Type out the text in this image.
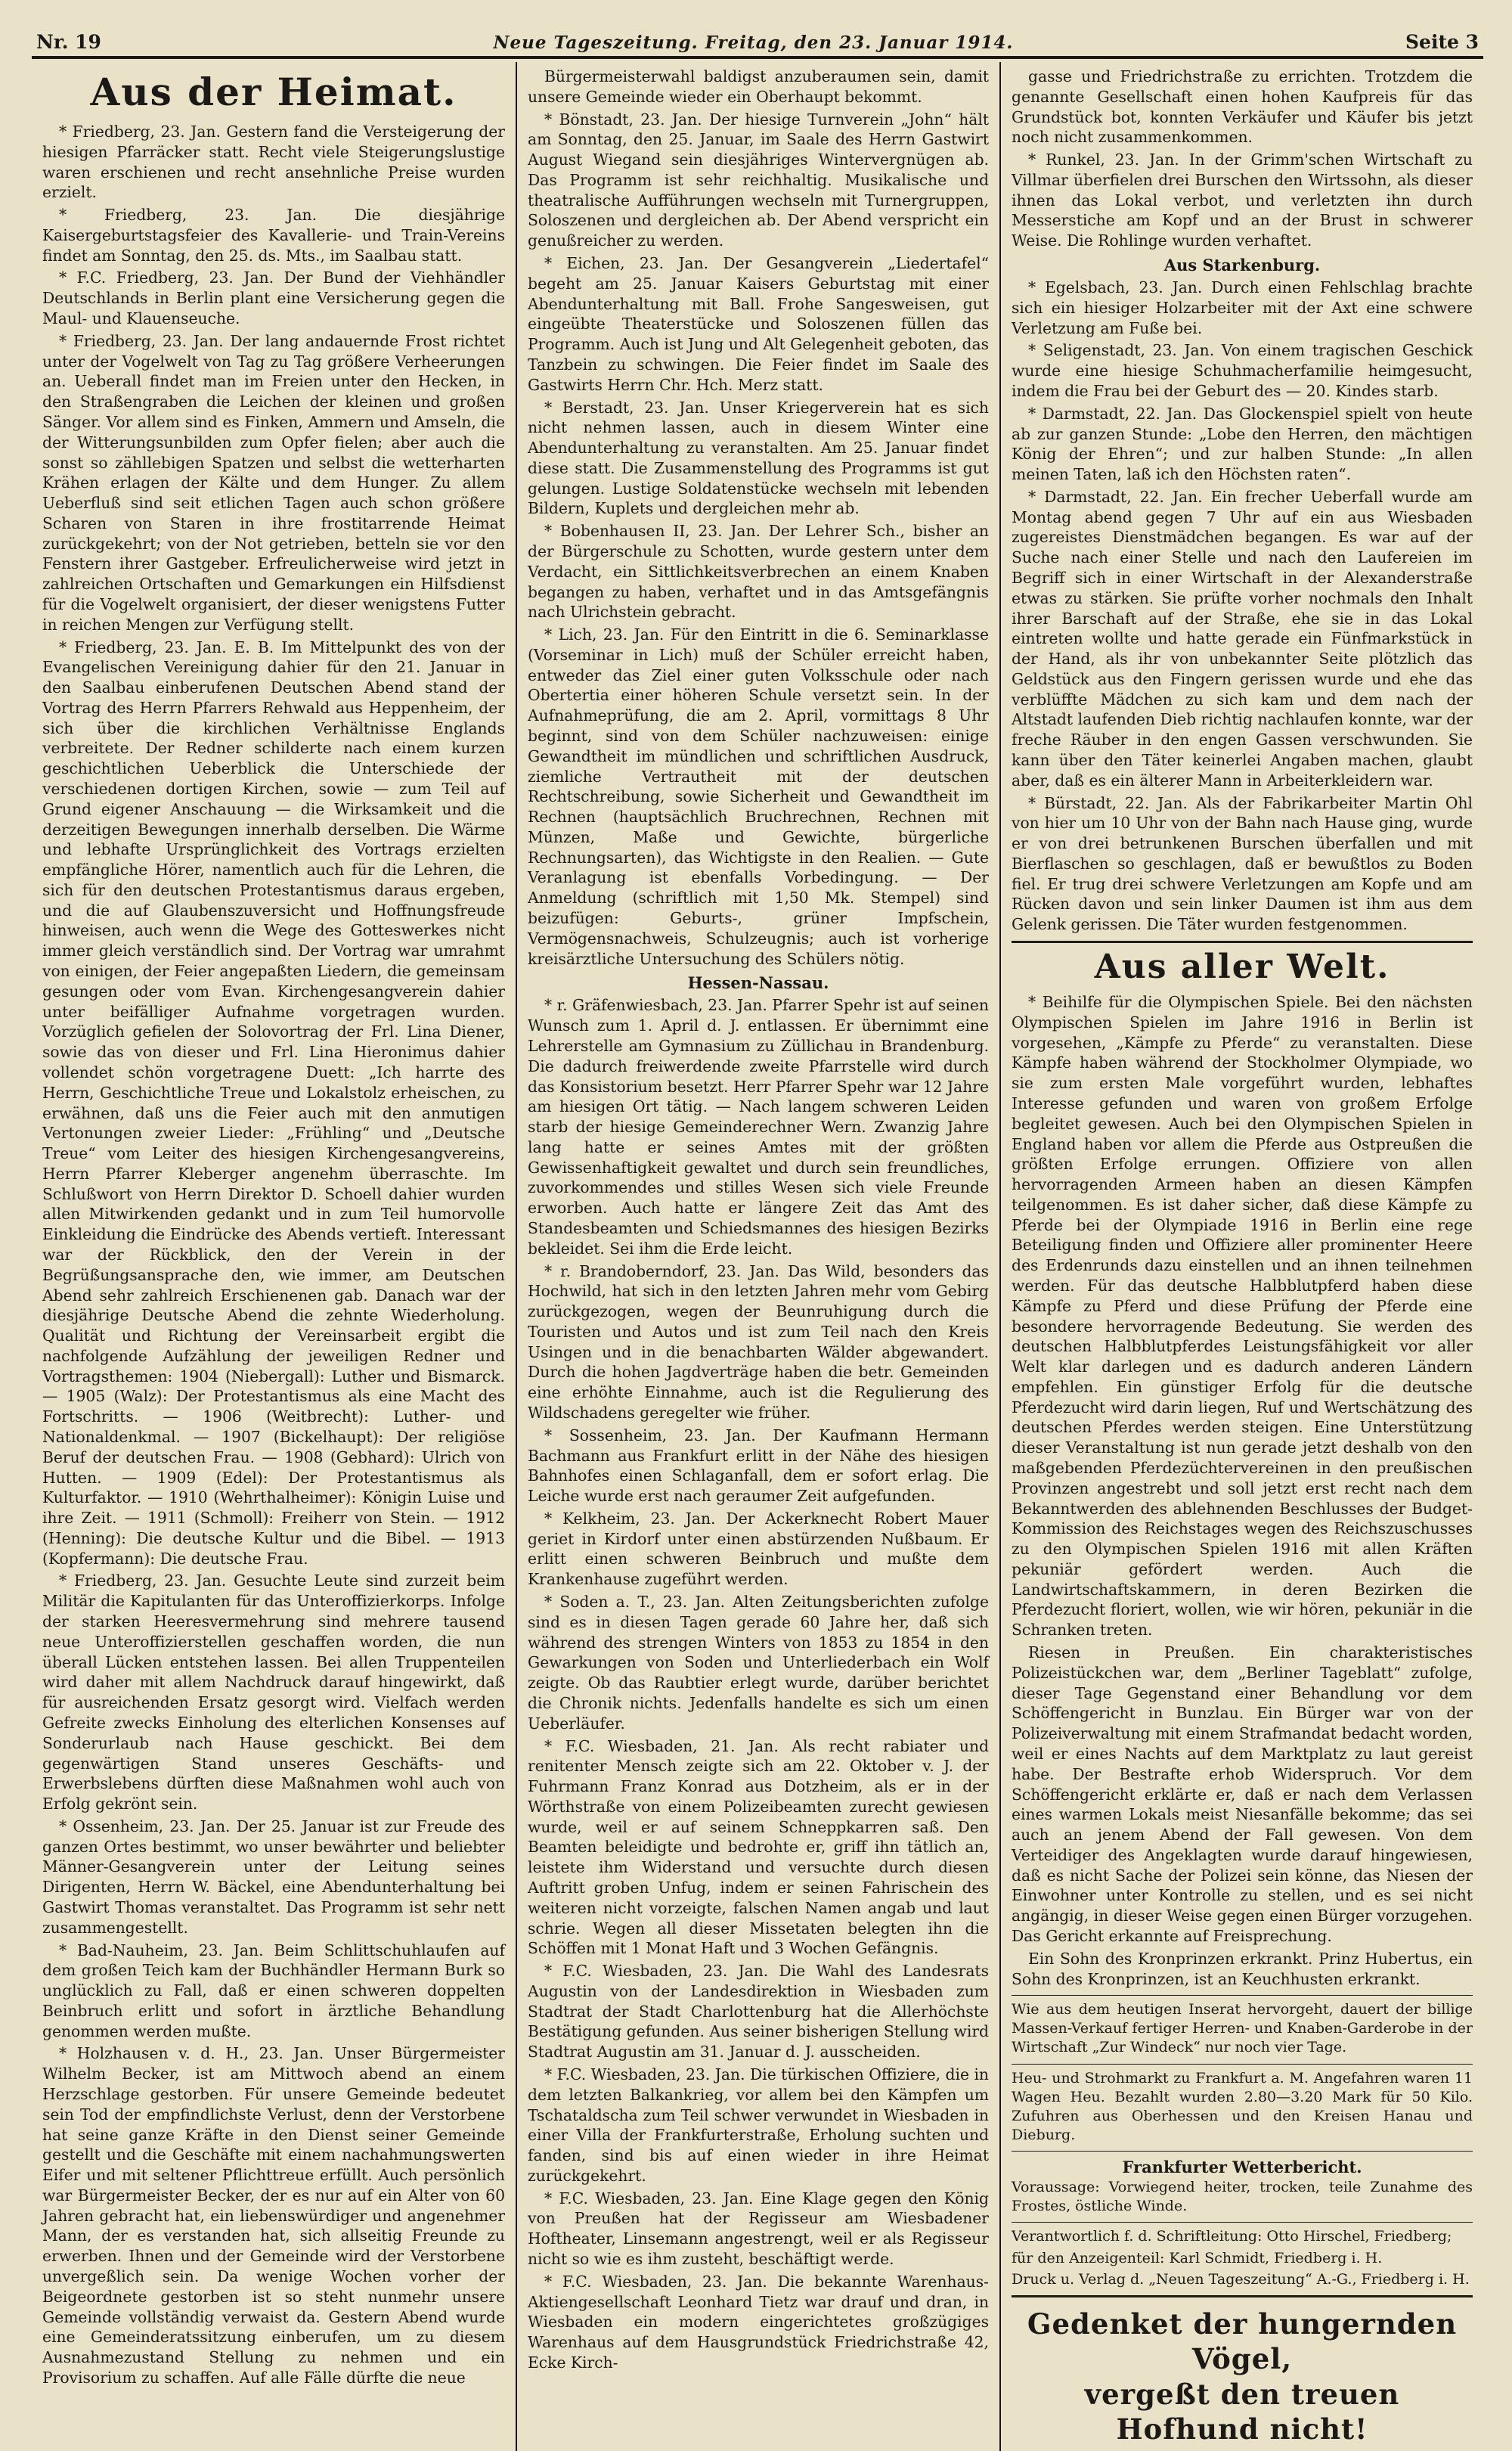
Nr. 19	Neue Tageszeitung. Freitag, den 23. Januar 1914.	Seite 3
Aus der Heimat.

* Friedberg, 23. Jan. Gestern fand die Versteigerung der hiesigen Pfarräcker statt. Recht viele Steigerungslustige waren erschienen und recht ansehnliche Preise wurden erzielt.

* Friedberg, 23. Jan. Die diesjährige Kaisergeburtstagsfeier des Kavallerie- und Train-Vereins findet am Sonntag, den 25. ds. Mts., im Saalbau statt.

* F.C. Friedberg, 23. Jan. Der Bund der Viehhändler Deutschlands in Berlin plant eine Versicherung gegen die Maul- und Klauenseuche.

* Friedberg, 23. Jan. Der lang andauernde Frost richtet unter der Vogelwelt von Tag zu Tag größere Verheerungen an. Ueberall findet man im Freien unter den Hecken, in den Straßengraben die Leichen der kleinen und großen Sänger. Vor allem sind es Finken, Ammern und Amseln, die der Witterungsunbilden zum Opfer fielen; aber auch die sonst so zähllebigen Spatzen und selbst die wetterharten Krähen erlagen der Kälte und dem Hunger. Zu allem Ueberfluß sind seit etlichen Tagen auch schon größere Scharen von Staren in ihre frostitarrende Heimat zurückgekehrt; von der Not getrieben, betteln sie vor den Fenstern ihrer Gastgeber. Erfreulicherweise wird jetzt in zahlreichen Ortschaften und Gemarkungen ein Hilfsdienst für die Vogelwelt organisiert, der dieser wenigstens Futter in reichen Mengen zur Verfügung stellt.

* Friedberg, 23. Jan. E. B. Im Mittelpunkt des von der Evangelischen Vereinigung dahier für den 21. Januar in den Saalbau einberufenen Deutschen Abend stand der Vortrag des Herrn Pfarrers Rehwald aus Heppenheim, der sich über die kirchlichen Verhältnisse Englands verbreitete. Der Redner schilderte nach einem kurzen geschichtlichen Ueberblick die Unterschiede der verschiedenen dortigen Kirchen, sowie — zum Teil auf Grund eigener Anschauung — die Wirksamkeit und die derzeitigen Bewegungen innerhalb derselben. Die Wärme und lebhafte Ursprünglichkeit des Vortrags erzielten empfängliche Hörer, namentlich auch für die Lehren, die sich für den deutschen Protestantismus daraus ergeben, und die auf Glaubenszuversicht und Hoffnungsfreude hinweisen, auch wenn die Wege des Gotteswerkes nicht immer gleich verständlich sind. Der Vortrag war umrahmt von einigen, der Feier angepaßten Liedern, die gemeinsam gesungen oder vom Evan. Kirchengesangverein dahier unter beifälliger Aufnahme vorgetragen wurden. Vorzüglich gefielen der Solovortrag der Frl. Lina Diener, sowie das von dieser und Frl. Lina Hieronimus dahier vollendet schön vorgetragene Duett: „Ich harrte des Herrn, Geschichtliche Treue und Lokalstolz erheischen, zu erwähnen, daß uns die Feier auch mit den anmutigen Vertonungen zweier Lieder: „Frühling“ und „Deutsche Treue“ vom Leiter des hiesigen Kirchengesangvereins, Herrn Pfarrer Kleberger angenehm überraschte. Im Schlußwort von Herrn Direktor D. Schoell dahier wurden allen Mitwirkenden gedankt und in zum Teil humorvolle Einkleidung die Eindrücke des Abends vertieft. Interessant war der Rückblick, den der Verein in der Begrüßungsansprache den, wie immer, am Deutschen Abend sehr zahlreich Erschienenen gab. Danach war der diesjährige Deutsche Abend die zehnte Wiederholung. Qualität und Richtung der Vereinsarbeit ergibt die nachfolgende Aufzählung der jeweiligen Redner und Vortragsthemen: 1904 (Niebergall): Luther und Bismarck. — 1905 (Walz): Der Protestantismus als eine Macht des Fortschritts. — 1906 (Weitbrecht): Luther- und Nationaldenkmal. — 1907 (Bickelhaupt): Der religiöse Beruf der deutschen Frau. — 1908 (Gebhard): Ulrich von Hutten. — 1909 (Edel): Der Protestantismus als Kulturfaktor. — 1910 (Wehrthalheimer): Königin Luise und ihre Zeit. — 1911 (Schmoll): Freiherr von Stein. — 1912 (Henning): Die deutsche Kultur und die Bibel. — 1913 (Kopfermann): Die deutsche Frau.

* Friedberg, 23. Jan. Gesuchte Leute sind zurzeit beim Militär die Kapitulanten für das Unteroffizierkorps. Infolge der starken Heeresvermehrung sind mehrere tausend neue Unteroffizierstellen geschaffen worden, die nun überall Lücken entstehen lassen. Bei allen Truppenteilen wird daher mit allem Nachdruck darauf hingewirkt, daß für ausreichenden Ersatz gesorgt wird. Vielfach werden Gefreite zwecks Einholung des elterlichen Konsenses auf Sonderurlaub nach Hause geschickt. Bei dem gegenwärtigen Stand unseres Geschäfts- und Erwerbslebens dürften diese Maßnahmen wohl auch von Erfolg gekrönt sein.

* Ossenheim, 23. Jan. Der 25. Januar ist zur Freude des ganzen Ortes bestimmt, wo unser bewährter und beliebter Männer-Gesangverein unter der Leitung seines Dirigenten, Herrn W. Bäckel, eine Abendunterhaltung bei Gastwirt Thomas veranstaltet. Das Programm ist sehr nett zusammengestellt.

* Bad-Nauheim, 23. Jan. Beim Schlittschuhlaufen auf dem großen Teich kam der Buchhändler Hermann Burk so unglücklich zu Fall, daß er einen schweren doppelten Beinbruch erlitt und sofort in ärztliche Behandlung genommen werden mußte.

* Holzhausen v. d. H., 23. Jan. Unser Bürgermeister Wilhelm Becker, ist am Mittwoch abend an einem Herzschlage gestorben. Für unsere Gemeinde bedeutet sein Tod der empfindlichste Verlust, denn der Verstorbene hat seine ganze Kräfte in den Dienst seiner Gemeinde gestellt und die Geschäfte mit einem nachahmungswerten Eifer und mit seltener Pflichttreue erfüllt. Auch persönlich war Bürgermeister Becker, der es nur auf ein Alter von 60 Jahren gebracht hat, ein liebenswürdiger und angenehmer Mann, der es verstanden hat, sich allseitig Freunde zu erwerben. Ihnen und der Gemeinde wird der Verstorbene unvergeßlich sein. Da wenige Wochen vorher der Beigeordnete gestorben ist so steht nunmehr unsere Gemeinde vollständig verwaist da. Gestern Abend wurde eine Gemeinderatssitzung einberufen, um zu diesem Ausnahmezustand Stellung zu nehmen und ein Provisorium zu schaffen. Auf alle Fälle dürfte die neue

Bürgermeisterwahl baldigst anzuberaumen sein, damit unsere Gemeinde wieder ein Oberhaupt bekommt.

* Bönstadt, 23. Jan. Der hiesige Turnverein „John“ hält am Sonntag, den 25. Januar, im Saale des Herrn Gastwirt August Wiegand sein diesjähriges Wintervergnügen ab. Das Programm ist sehr reichhaltig. Musikalische und theatralische Aufführungen wechseln mit Turnergruppen, Soloszenen und dergleichen ab. Der Abend verspricht ein genußreicher zu werden.

* Eichen, 23. Jan. Der Gesangverein „Liedertafel“ begeht am 25. Januar Kaisers Geburtstag mit einer Abendunterhaltung mit Ball. Frohe Sangesweisen, gut eingeübte Theaterstücke und Soloszenen füllen das Programm. Auch ist Jung und Alt Gelegenheit geboten, das Tanzbein zu schwingen. Die Feier findet im Saale des Gastwirts Herrn Chr. Hch. Merz statt.

* Berstadt, 23. Jan. Unser Kriegerverein hat es sich nicht nehmen lassen, auch in diesem Winter eine Abendunterhaltung zu veranstalten. Am 25. Januar findet diese statt. Die Zusammenstellung des Programms ist gut gelungen. Lustige Soldatenstücke wechseln mit lebenden Bildern, Kuplets und dergleichen mehr ab.

* Bobenhausen II, 23. Jan. Der Lehrer Sch., bisher an der Bürgerschule zu Schotten, wurde gestern unter dem Verdacht, ein Sittlichkeitsverbrechen an einem Knaben begangen zu haben, verhaftet und in das Amtsgefängnis nach Ulrichstein gebracht.

* Lich, 23. Jan. Für den Eintritt in die 6. Seminarklasse (Vorseminar in Lich) muß der Schüler erreicht haben, entweder das Ziel einer guten Volksschule oder nach Obertertia einer höheren Schule versetzt sein. In der Aufnahmeprüfung, die am 2. April, vormittags 8 Uhr beginnt, sind von dem Schüler nachzuweisen: einige Gewandtheit im mündlichen und schriftlichen Ausdruck, ziemliche Vertrautheit mit der deutschen Rechtschreibung, sowie Sicherheit und Gewandtheit im Rechnen (hauptsächlich Bruchrechnen, Rechnen mit Münzen, Maße und Gewichte, bürgerliche Rechnungsarten), das Wichtigste in den Realien. — Gute Veranlagung ist ebenfalls Vorbedingung. — Der Anmeldung (schriftlich mit 1,50 Mk. Stempel) sind beizufügen: Geburts-, grüner Impfschein, Vermögensnachweis, Schulzeugnis; auch ist vorherige kreisärztliche Untersuchung des Schülers nötig.

Hessen-Nassau.

* r. Gräfenwiesbach, 23. Jan. Pfarrer Spehr ist auf seinen Wunsch zum 1. April d. J. entlassen. Er übernimmt eine Lehrerstelle am Gymnasium zu Züllichau in Brandenburg. Die dadurch freiwerdende zweite Pfarrstelle wird durch das Konsistorium besetzt. Herr Pfarrer Spehr war 12 Jahre am hiesigen Ort tätig. — Nach langem schweren Leiden starb der hiesige Gemeinderechner Wern. Zwanzig Jahre lang hatte er seines Amtes mit der größten Gewissenhaftigkeit gewaltet und durch sein freundliches, zuvorkommendes und stilles Wesen sich viele Freunde erworben. Auch hatte er längere Zeit das Amt des Standesbeamten und Schiedsmannes des hiesigen Bezirks bekleidet. Sei ihm die Erde leicht.

* r. Brandoberndorf, 23. Jan. Das Wild, besonders das Hochwild, hat sich in den letzten Jahren mehr vom Gebirg zurückgezogen, wegen der Beunruhigung durch die Touristen und Autos und ist zum Teil nach den Kreis Usingen und in die benachbarten Wälder abgewandert. Durch die hohen Jagdverträge haben die betr. Gemeinden eine erhöhte Einnahme, auch ist die Regulierung des Wildschadens geregelter wie früher.

* Sossenheim, 23. Jan. Der Kaufmann Hermann Bachmann aus Frankfurt erlitt in der Nähe des hiesigen Bahnhofes einen Schlaganfall, dem er sofort erlag. Die Leiche wurde erst nach geraumer Zeit aufgefunden.

* Kelkheim, 23. Jan. Der Ackerknecht Robert Mauer geriet in Kirdorf unter einen abstürzenden Nußbaum. Er erlitt einen schweren Beinbruch und mußte dem Krankenhause zugeführt werden.

* Soden a. T., 23. Jan. Alten Zeitungsberichten zufolge sind es in diesen Tagen gerade 60 Jahre her, daß sich während des strengen Winters von 1853 zu 1854 in den Gewarkungen von Soden und Unterliederbach ein Wolf zeigte. Ob das Raubtier erlegt wurde, darüber berichtet die Chronik nichts. Jedenfalls handelte es sich um einen Ueberläufer.

* F.C. Wiesbaden, 21. Jan. Als recht rabiater und renitenter Mensch zeigte sich am 22. Oktober v. J. der Fuhrmann Franz Konrad aus Dotzheim, als er in der Wörthstraße von einem Polizeibeamten zurecht gewiesen wurde, weil er auf seinem Schneppkarren saß. Den Beamten beleidigte und bedrohte er, griff ihn tätlich an, leistete ihm Widerstand und versuchte durch diesen Auftritt groben Unfug, indem er seinen Fahrischein des weiteren nicht vorzeigte, falschen Namen angab und laut schrie. Wegen all dieser Missetaten belegten ihn die Schöffen mit 1 Monat Haft und 3 Wochen Gefängnis.

* F.C. Wiesbaden, 23. Jan. Die Wahl des Landesrats Augustin von der Landesdirektion in Wiesbaden zum Stadtrat der Stadt Charlottenburg hat die Allerhöchste Bestätigung gefunden. Aus seiner bisherigen Stellung wird Stadtrat Augustin am 31. Januar d. J. ausscheiden.

* F.C. Wiesbaden, 23. Jan. Die türkischen Offiziere, die in dem letzten Balkankrieg, vor allem bei den Kämpfen um Tschataldscha zum Teil schwer verwundet in Wiesbaden in einer Villa der Frankfurterstraße, Erholung suchten und fanden, sind bis auf einen wieder in ihre Heimat zurückgekehrt.

* F.C. Wiesbaden, 23. Jan. Eine Klage gegen den König von Preußen hat der Regisseur am Wiesbadener Hoftheater, Linsemann angestrengt, weil er als Regisseur nicht so wie es ihm zusteht, beschäftigt werde.

* F.C. Wiesbaden, 23. Jan. Die bekannte Warenhaus-Aktiengesellschaft Leonhard Tietz war drauf und dran, in Wiesbaden ein modern eingerichtetes großzügiges Warenhaus auf dem Hausgrundstück Friedrichstraße 42, Ecke Kirch-

gasse und Friedrichstraße zu errichten. Trotzdem die genannte Gesellschaft einen hohen Kaufpreis für das Grundstück bot, konnten Verkäufer und Käufer bis jetzt noch nicht zusammenkommen.

* Runkel, 23. Jan. In der Grimm'schen Wirtschaft zu Villmar überfielen drei Burschen den Wirtssohn, als dieser ihnen das Lokal verbot, und verletzten ihn durch Messerstiche am Kopf und an der Brust in schwerer Weise. Die Rohlinge wurden verhaftet.

Aus Starkenburg.

* Egelsbach, 23. Jan. Durch einen Fehlschlag brachte sich ein hiesiger Holzarbeiter mit der Axt eine schwere Verletzung am Fuße bei.

* Seligenstadt, 23. Jan. Von einem tragischen Geschick wurde eine hiesige Schuhmacherfamilie heimgesucht, indem die Frau bei der Geburt des — 20. Kindes starb.

* Darmstadt, 22. Jan. Das Glockenspiel spielt von heute ab zur ganzen Stunde: „Lobe den Herren, den mächtigen König der Ehren“; und zur halben Stunde: „In allen meinen Taten, laß ich den Höchsten raten“.

* Darmstadt, 22. Jan. Ein frecher Ueberfall wurde am Montag abend gegen 7 Uhr auf ein aus Wiesbaden zugereistes Dienstmädchen begangen. Es war auf der Suche nach einer Stelle und nach den Laufereien im Begriff sich in einer Wirtschaft in der Alexanderstraße etwas zu stärken. Sie prüfte vorher nochmals den Inhalt ihrer Barschaft auf der Straße, ehe sie in das Lokal eintreten wollte und hatte gerade ein Fünfmarkstück in der Hand, als ihr von unbekannter Seite plötzlich das Geldstück aus den Fingern gerissen wurde und ehe das verblüffte Mädchen zu sich kam und dem nach der Altstadt laufenden Dieb richtig nachlaufen konnte, war der freche Räuber in den engen Gassen verschwunden. Sie kann über den Täter keinerlei Angaben machen, glaubt aber, daß es ein älterer Mann in Arbeiterkleidern war.

* Bürstadt, 22. Jan. Als der Fabrikarbeiter Martin Ohl von hier um 10 Uhr von der Bahn nach Hause ging, wurde er von drei betrunkenen Burschen überfallen und mit Bierflaschen so geschlagen, daß er bewußtlos zu Boden fiel. Er trug drei schwere Verletzungen am Kopfe und am Rücken davon und sein linker Daumen ist ihm aus dem Gelenk gerissen. Die Täter wurden festgenommen.

Aus aller Welt.

* Beihilfe für die Olympischen Spiele. Bei den nächsten Olympischen Spielen im Jahre 1916 in Berlin ist vorgesehen, „Kämpfe zu Pferde“ zu veranstalten. Diese Kämpfe haben während der Stockholmer Olympiade, wo sie zum ersten Male vorgeführt wurden, lebhaftes Interesse gefunden und waren von großem Erfolge begleitet gewesen. Auch bei den Olympischen Spielen in England haben vor allem die Pferde aus Ostpreußen die größten Erfolge errungen. Offiziere von allen hervorragenden Armeen haben an diesen Kämpfen teilgenommen. Es ist daher sicher, daß diese Kämpfe zu Pferde bei der Olympiade 1916 in Berlin eine rege Beteiligung finden und Offiziere aller prominenter Heere des Erdenrunds dazu einstellen und an ihnen teilnehmen werden. Für das deutsche Halbblutpferd haben diese Kämpfe zu Pferd und diese Prüfung der Pferde eine besondere hervorragende Bedeutung. Sie werden des deutschen Halbblutpferdes Leistungsfähigkeit vor aller Welt klar darlegen und es dadurch anderen Ländern empfehlen. Ein günstiger Erfolg für die deutsche Pferdezucht wird darin liegen, Ruf und Wertschätzung des deutschen Pferdes werden steigen. Eine Unterstützung dieser Veranstaltung ist nun gerade jetzt deshalb von den maßgebenden Pferdezüchtervereinen in den preußischen Provinzen angestrebt und soll jetzt erst recht nach dem Bekanntwerden des ablehnenden Beschlusses der Budget-Kommission des Reichstages wegen des Reichszuschusses zu den Olympischen Spielen 1916 mit allen Kräften pekuniär gefördert werden. Auch die Landwirtschaftskammern, in deren Bezirken die Pferdezucht floriert, wollen, wie wir hören, pekuniär in die Schranken treten.

Riesen in Preußen. Ein charakteristisches Polizeistückchen war, dem „Berliner Tageblatt“ zufolge, dieser Tage Gegenstand einer Behandlung vor dem Schöffengericht in Bunzlau. Ein Bürger war von der Polizeiverwaltung mit einem Strafmandat bedacht worden, weil er eines Nachts auf dem Marktplatz zu laut gereist habe. Der Bestrafte erhob Widerspruch. Vor dem Schöffengericht erklärte er, daß er nach dem Verlassen eines warmen Lokals meist Niesanfälle bekomme; das sei auch an jenem Abend der Fall gewesen. Von dem Verteidiger des Angeklagten wurde darauf hingewiesen, daß es nicht Sache der Polizei sein könne, das Niesen der Einwohner unter Kontrolle zu stellen, und es sei nicht angängig, in dieser Weise gegen einen Bürger vorzugehen. Das Gericht erkannte auf Freisprechung.

Ein Sohn des Kronprinzen erkrankt. Prinz Hubertus, ein Sohn des Kronprinzen, ist an Keuchhusten erkrankt.

Wie aus dem heutigen Inserat hervorgeht, dauert der billige Massen-Verkauf fertiger Herren- und Knaben-Garderobe in der Wirtschaft „Zur Windeck“ nur noch vier Tage.

Heu- und Strohmarkt zu Frankfurt a. M. Angefahren waren 11 Wagen Heu. Bezahlt wurden 2.80—3.20 Mark für 50 Kilo. Zufuhren aus Oberhessen und den Kreisen Hanau und Dieburg.

Frankfurter Wetterbericht.

Voraussage: Vorwiegend heiter, trocken, teile Zunahme des Frostes, östliche Winde.

Verantwortlich f. d. Schriftleitung: Otto Hirschel, Friedberg;

für den Anzeigenteil: Karl Schmidt, Friedberg i. H.

Druck u. Verlag d. „Neuen Tageszeitung“ A.-G., Friedberg i. H.

Gedenket der hungernden Vögel,
vergeßt den treuen Hofhund nicht!
